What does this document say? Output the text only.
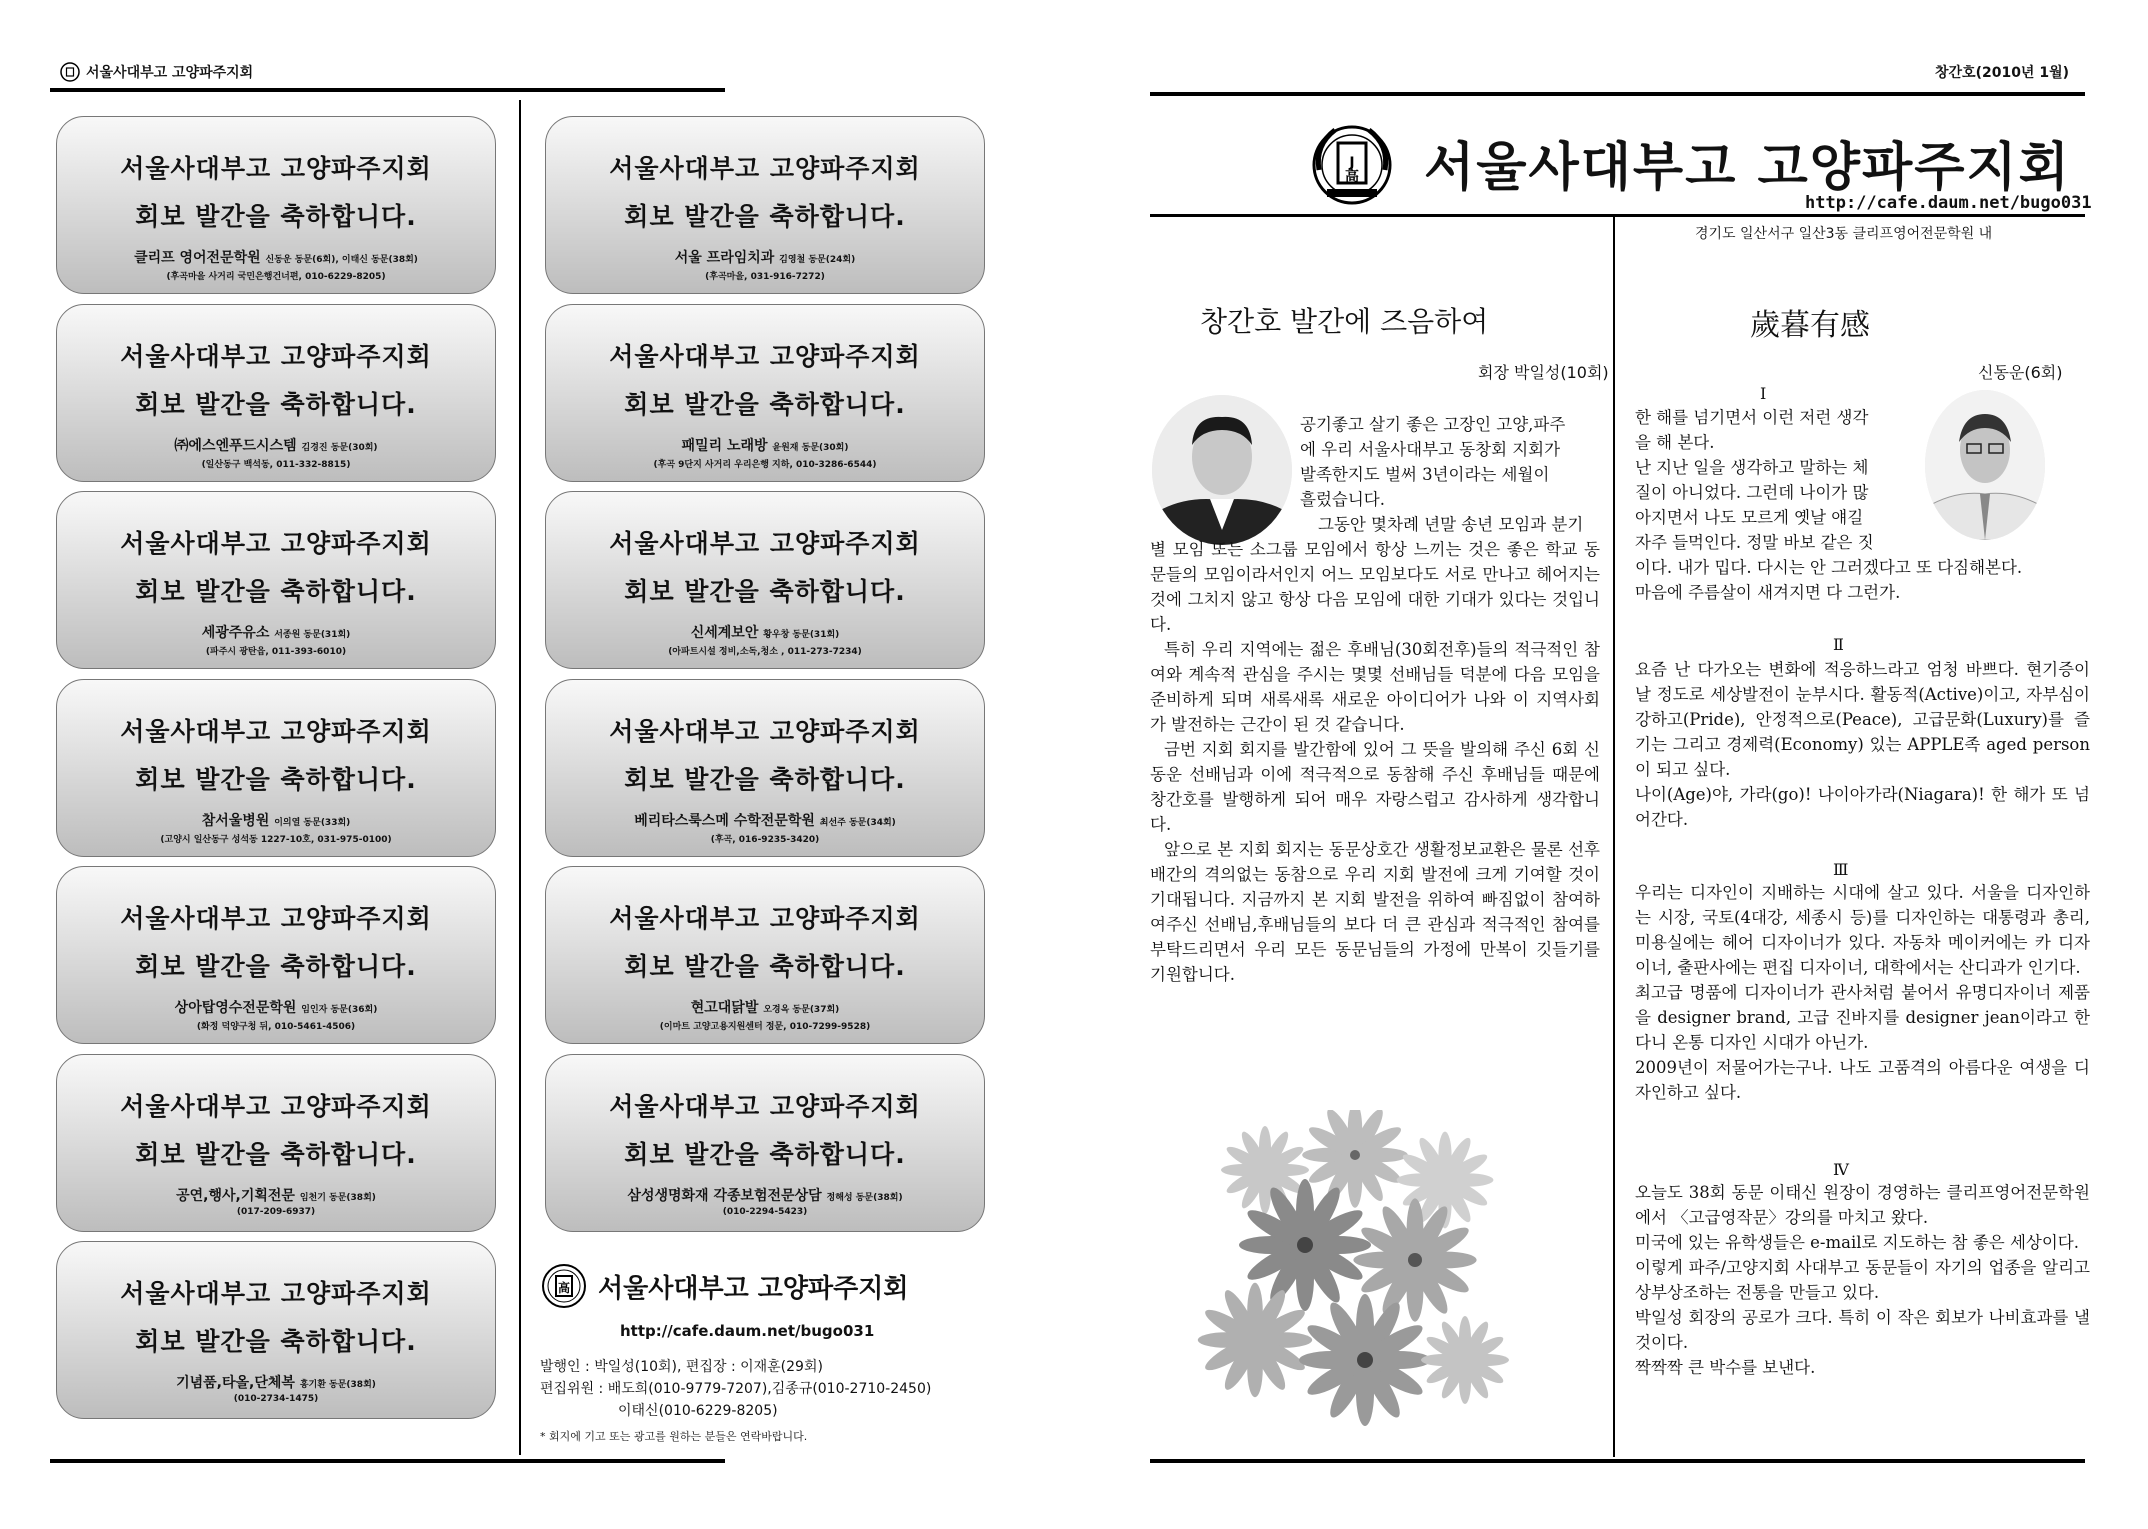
서울사대부고 고양파주지회
서울사대부고 고양파주지회
회보 발간을 축하합니다.
클리프 영어전문학원 신동운 동문(6회), 이태신 동문(38회)
(후곡마을 사거리 국민은행건너편, 010-6229-8205)
서울사대부고 고양파주지회
회보 발간을 축하합니다.
㈜에스엔푸드시스템 김경진 동문(30회)
(일산동구 백석동, 011-332-8815)
서울사대부고 고양파주지회
회보 발간을 축하합니다.
세광주유소 서종원 동문(31회)
(파주시 광탄읍, 011-393-6010)
서울사대부고 고양파주지회
회보 발간을 축하합니다.
참서울병원 이의열 동문(33회)
(고양시 일산동구 성석동 1227-10호, 031-975-0100)
서울사대부고 고양파주지회
회보 발간을 축하합니다.
상아탑영수전문학원 임인자 동문(36회)
(화정 덕양구청 뒤, 010-5461-4506)
서울사대부고 고양파주지회
회보 발간을 축하합니다.
공연,행사,기획전문 임천기 동문(38회)
(017-209-6937)
서울사대부고 고양파주지회
회보 발간을 축하합니다.
기념품,타올,단체복 홍기환 동문(38회)
(010-2734-1475)
서울사대부고 고양파주지회
회보 발간을 축하합니다.
서울 프라임치과 김영철 동문(24회)
(후곡마을, 031-916-7272)
서울사대부고 고양파주지회
회보 발간을 축하합니다.
패밀리 노래방 윤원재 동문(30회)
(후곡 9단지 사거리 우리은행 지하, 010-3286-6544)
서울사대부고 고양파주지회
회보 발간을 축하합니다.
신세계보안 황우창 동문(31회)
(아파트시설 정비,소독,청소 , 011-273-7234)
서울사대부고 고양파주지회
회보 발간을 축하합니다.
베리타스룩스메 수학전문학원 최선주 동문(34회)
(후곡, 016-9235-3420)
서울사대부고 고양파주지회
회보 발간을 축하합니다.
현고대닭발 오경옥 동문(37회)
(이마트 고양고용지원센터 정문, 010-7299-9528)
서울사대부고 고양파주지회
회보 발간을 축하합니다.
삼성생명화재 각종보험전문상담 정해성 동문(38회)
(010-2294-5423)
高 서울사대부고 고양파주지회
http://cafe.daum.net/bugo031
발행인 : 박일성(10회), 편집장 : 이재훈(29회)
편집위원 : 배도희(010-9779-7207),김종규(010-2710-2450)
이태신(010-6229-8205)
* 회지에 기고 또는 광고를 원하는 분들은 연락바랍니다.
창간호(2010년 1월)
J
高 서울사대부고 고양파주지회
http://cafe.daum.net/bugo031
경기도 일산서구 일산3동 클리프영어전문학원 내
창간호 발간에 즈음하여
회장 박일성(10회)
공기좋고 살기 좋은 고장인 고양,파주
에 우리 서울사대부고 동창회 지회가
발족한지도 벌써 3년이라는 세월이
흘렀습니다.
그동안 몇차례 년말 송년 모임과 분기

별 모임 또는 소그룹 모임에서 항상 느끼는 것은 좋은 학교 동문들의 모임이라서인지 어느 모임보다도 서로 만나고 헤어지는 것에 그치지 않고 항상 다음 모임에 대한 기대가 있다는 것입니다.

특히 우리 지역에는 젊은 후배님(30회전후)들의 적극적인 참여와 계속적 관심을 주시는 몇몇 선배님들 덕분에 다음 모임을 준비하게 되며 새록새록 새로운 아이디어가 나와 이 지역사회가 발전하는 근간이 된 것 같습니다.

금번 지회 회지를 발간함에 있어 그 뜻을 발의해 주신 6회 신동운 선배님과 이에 적극적으로 동참해 주신 후배님들 때문에 창간호를 발행하게 되어 매우 자랑스럽고 감사하게 생각합니다.

앞으로 본 지회 회지는 동문상호간 생활정보교환은 물론 선후배간의 격의없는 동참으로 우리 지회 발전에 크게 기여할 것이 기대됩니다. 지금까지 본 지회 발전을 위하여 빠짐없이 참여하여주신 선배님,후배님들의 보다 더 큰 관심과 적극적인 참여를 부탁드리면서 우리 모든 동문님들의 가정에 만복이 깃들기를 기원합니다.

歲暮有感
신동운(6회)
Ⅰ
한 해를 넘기면서 이런 저런 생각
을 해 본다.
난 지난 일을 생각하고 말하는 체
질이 아니었다. 그런데 나이가 많
아지면서 나도 모르게 옛날 얘길
자주 들먹인다. 정말 바보 같은 짓
이다. 내가 밉다. 다시는 안 그러겠다고 또 다짐해본다.
마음에 주름살이 새겨지면 다 그런가.
Ⅱ

요즘 난 다가오는 변화에 적응하느라고 엄청 바쁘다. 현기증이 날 정도로 세상발전이 눈부시다. 활동적(Active)이고, 자부심이 강하고(Pride), 안정적으로(Peace), 고급문화(Luxury)를 즐기는 그리고 경제력(Economy) 있는 APPLE족 aged person이 되고 싶다.

나이(Age)야, 가라(go)! 나이아가라(Niagara)! 한 해가 또 넘어간다.

Ⅲ

우리는 디자인이 지배하는 시대에 살고 있다. 서울을 디자인하는 시장, 국토(4대강, 세종시 등)를 디자인하는 대통령과 총리, 미용실에는 헤어 디자이너가 있다. 자동차 메이커에는 카 디자이너, 출판사에는 편집 디자이너, 대학에서는 산디과가 인기다.

최고급 명품에 디자이너가 관사처럼 붙어서 유명디자이너 제품을 designer brand, 고급 진바지를 designer jean이라고 한다니 온통 디자인 시대가 아닌가.

2009년이 저물어가는구나. 나도 고품격의 아름다운 여생을 디자인하고 싶다.

Ⅳ

오늘도 38회 동문 이태신 원장이 경영하는 클리프영어전문학원에서 〈고급영작문〉강의를 마치고 왔다.

미국에 있는 유학생들은 e-mail로 지도하는 참 좋은 세상이다.

이렇게 파주/고양지회 사대부고 동문들이 자기의 업종을 알리고 상부상조하는 전통을 만들고 있다.

박일성 회장의 공로가 크다. 특히 이 작은 회보가 나비효과를 낼 것이다.

짝짝짝 큰 박수를 보낸다.
